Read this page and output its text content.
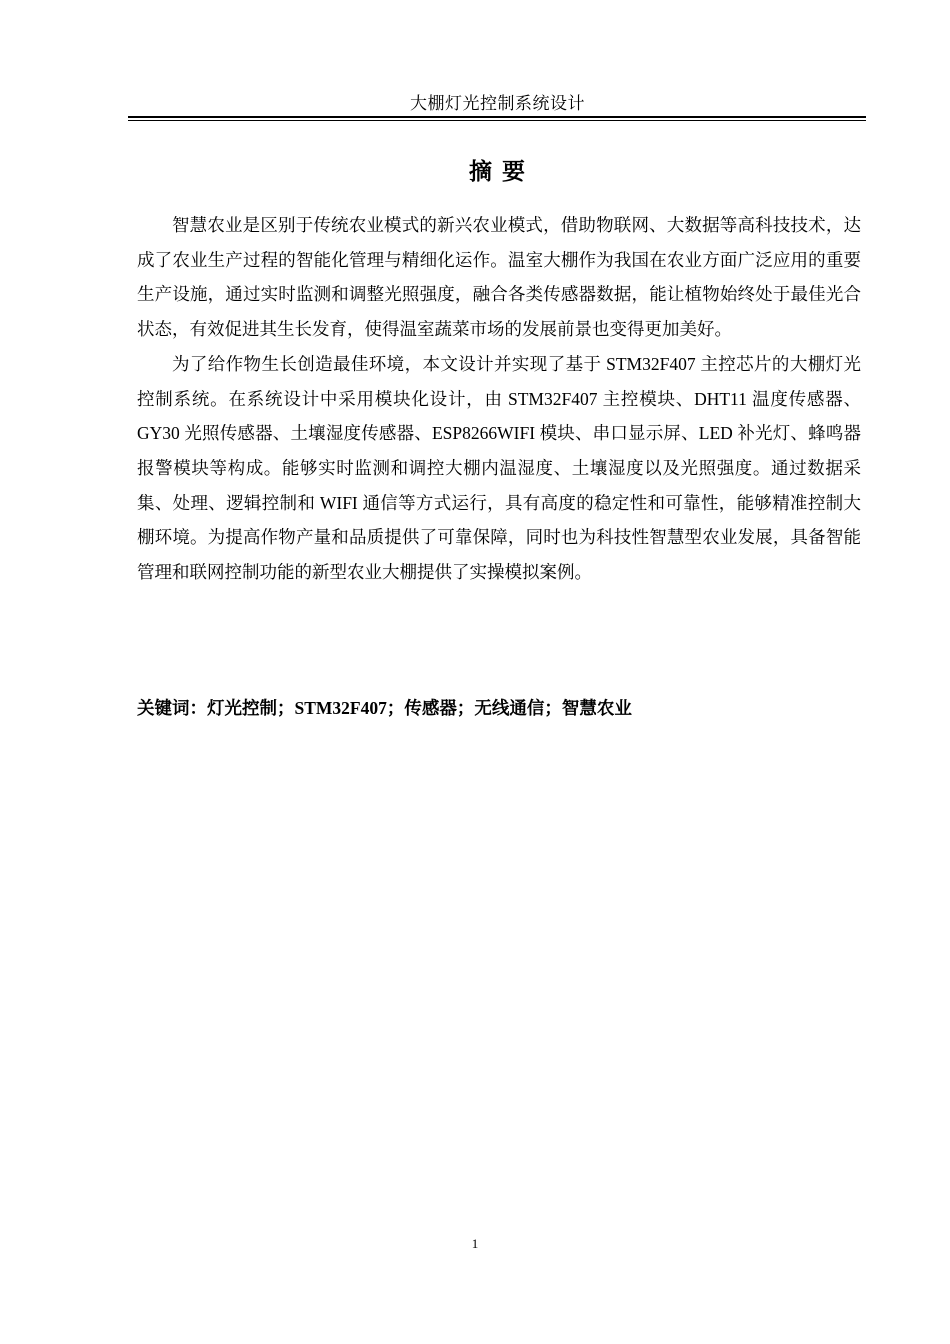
大棚灯光控制系统设计
摘 要

智慧农业是区别于传统农业模式的新兴农业模式，借助物联网、大数据等高科技技术，达成了农业生产过程的智能化管理与精细化运作。温室大棚作为我国在农业方面广泛应用的重要生产设施，通过实时监测和调整光照强度，融合各类传感器数据，能让植物始终处于最佳光合状态，有效促进其生长发育，使得温室蔬菜市场的发展前景也变得更加美好。

为了给作物生长创造最佳环境，本文设计并实现了基于 STM32F407 主控芯片的大棚灯光控制系统。在系统设计中采用模块化设计，由 STM32F407 主控模块、DHT11 温度传感器、GY30 光照传感器、土壤湿度传感器、ESP8266WIFI 模块、串口显示屏、LED 补光灯、蜂鸣器报警模块等构成。能够实时监测和调控大棚内温湿度、土壤湿度以及光照强度。通过数据采集、处理、逻辑控制和 WIFI 通信等方式运行，具有高度的稳定性和可靠性，能够精准控制大棚环境。为提高作物产量和品质提供了可靠保障，同时也为科技性智慧型农业发展，具备智能管理和联网控制功能的新型农业大棚提供了实操模拟案例。

关键词：灯光控制；STM32F407；传感器；无线通信；智慧农业
1
